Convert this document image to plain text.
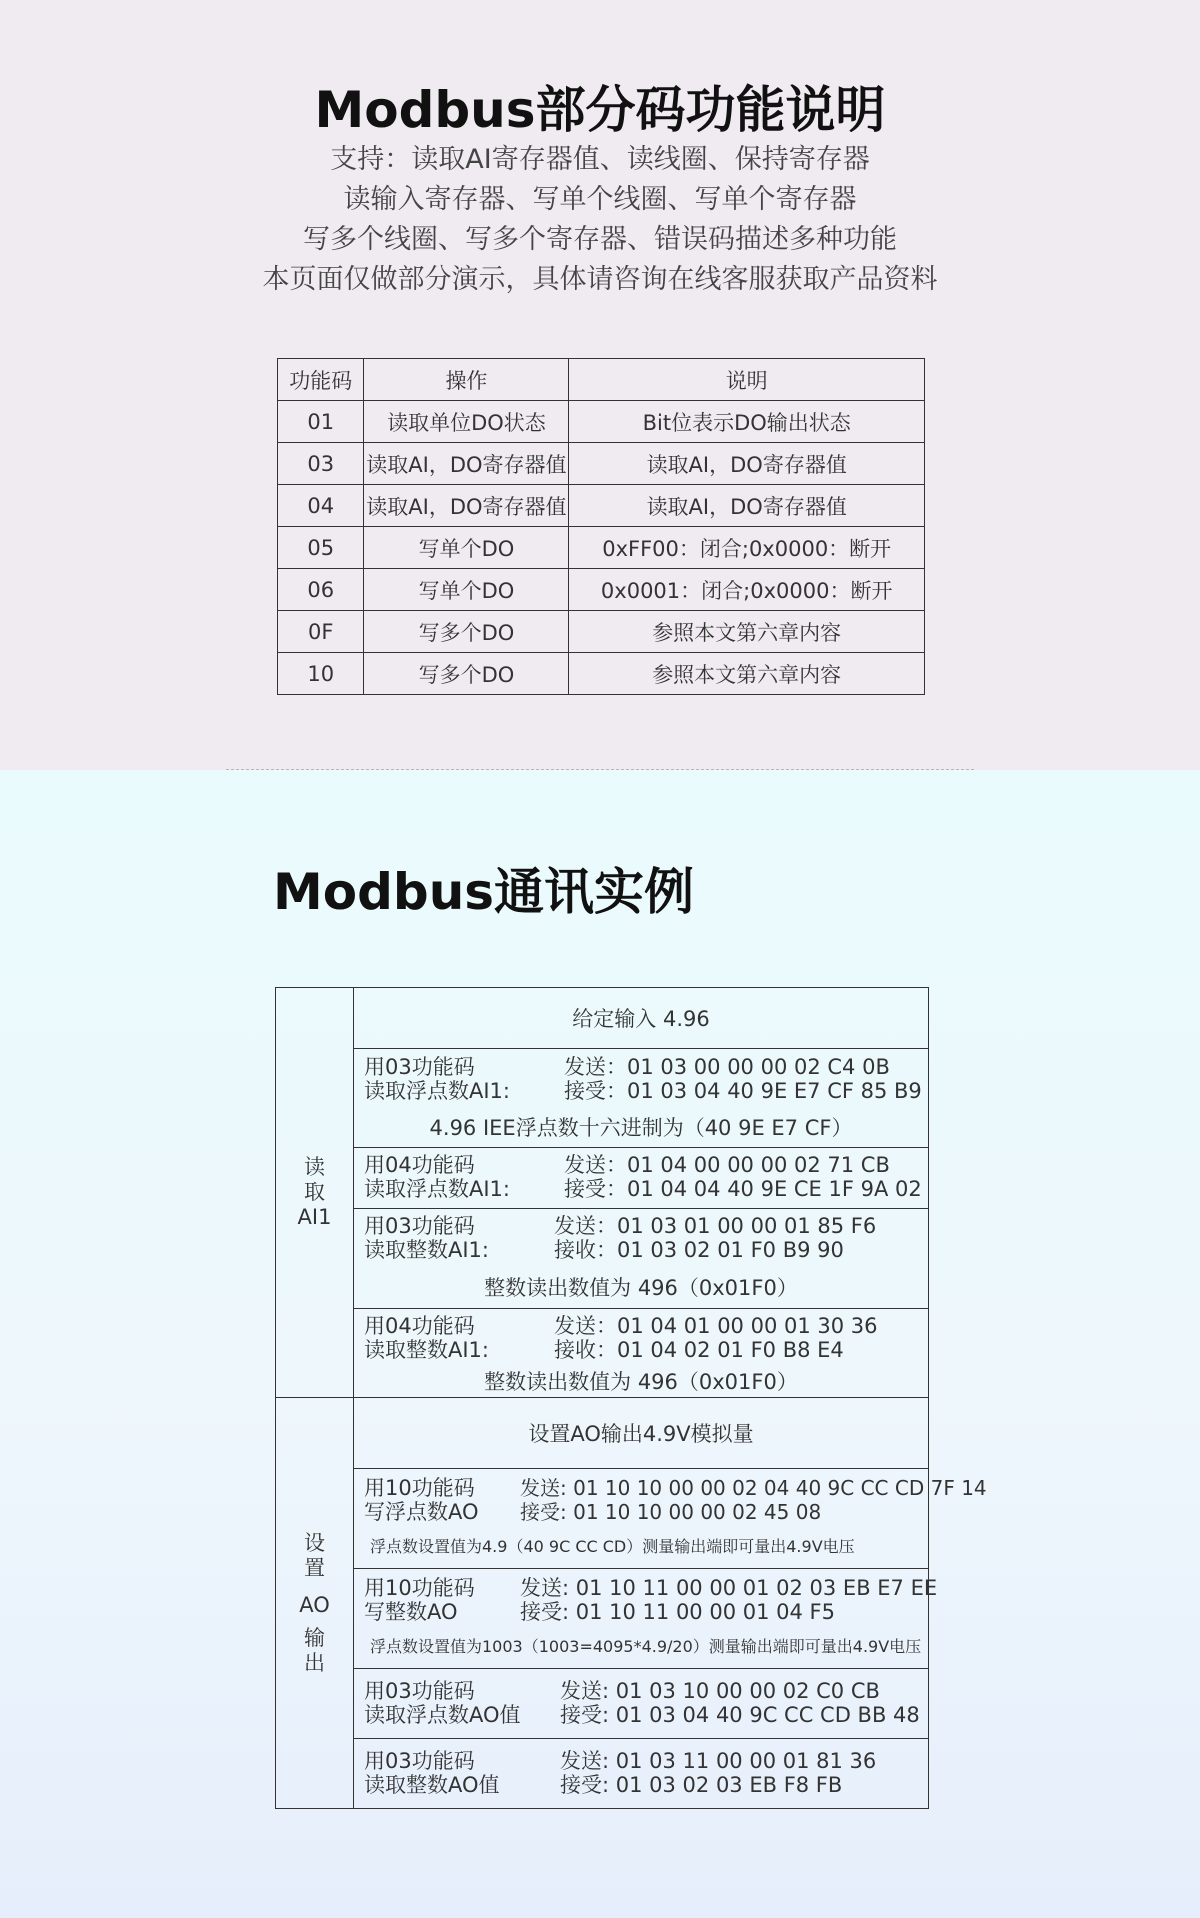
Modbus部分码功能说明
支持：读取AI寄存器值、读线圈、保持寄存器
读输入寄存器、写单个线圈、写单个寄存器
写多个线圈、写多个寄存器、错误码描述多种功能
本页面仅做部分演示，具体请咨询在线客服获取产品资料
功能码	操作	说明
01	读取单位DO状态	Bit位表示DO输出状态
03	读取AI，DO寄存器值	读取AI，DO寄存器值
04	读取AI，DO寄存器值	读取AI，DO寄存器值
05	写单个DO	0xFF00：闭合;0x0000：断开
06	写单个DO	0x0001：闭合;0x0000：断开
0F	写多个DO	参照本文第六章内容
10	写多个DO	参照本文第六章内容
Modbus通讯实例
读
取
AI1
给定输入 4.96
用03功能码
读取浮点数AI1:
发送：01 03 00 00 00 02 C4 0B
接受：01 03 04 40 9E E7 CF 85 B9
4.96 IEE浮点数十六进制为（40 9E E7 CF）
用04功能码
读取浮点数AI1:
发送：01 04 00 00 00 02 71 CB
接受：01 04 04 40 9E CE 1F 9A 02
用03功能码
读取整数AI1:
发送：01 03 01 00 00 01 85 F6
接收：01 03 02 01 F0 B9 90
整数读出数值为 496（0x01F0）
用04功能码
读取整数AI1:
发送：01 04 01 00 00 01 30 36
接收：01 04 02 01 F0 B8 E4
整数读出数值为 496（0x01F0）
设
置
AO
输
出
设置AO输出4.9V模拟量
用10功能码
写浮点数AO
发送: 01 10 10 00 00 02 04 40 9C CC CD 7F 14
接受: 01 10 10 00 00 02 45 08
浮点数设置值为4.9（40 9C CC CD）测量输出端即可量出4.9V电压
用10功能码
写整数AO
发送: 01 10 11 00 00 01 02 03 EB E7 EE
接受: 01 10 11 00 00 01 04 F5
浮点数设置值为1003（1003=4095*4.9/20）测量输出端即可量出4.9V电压
用03功能码
读取浮点数AO值
发送: 01 03 10 00 00 02 C0 CB
接受: 01 03 04 40 9C CC CD BB 48
用03功能码
读取整数AO值
发送: 01 03 11 00 00 01 81 36
接受: 01 03 02 03 EB F8 FB
